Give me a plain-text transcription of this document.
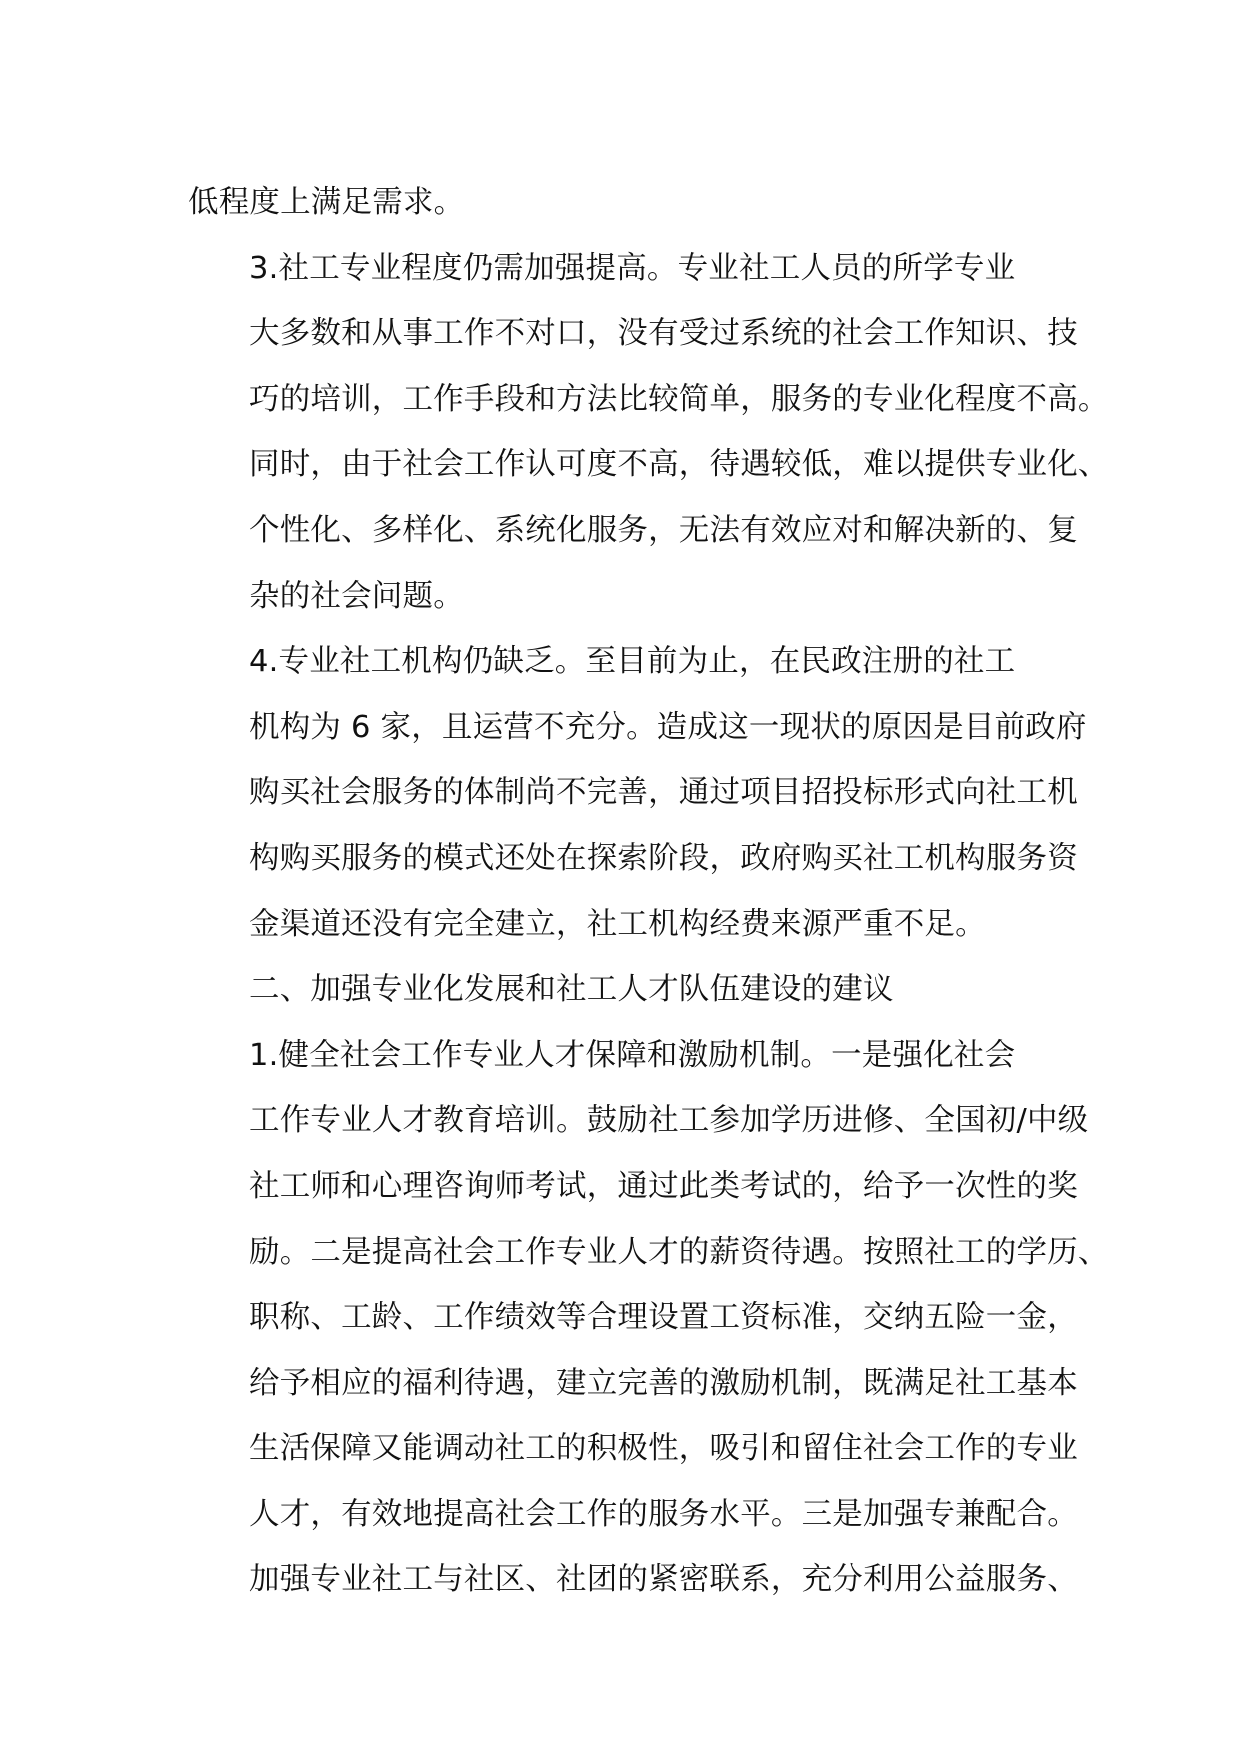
低程度上满足需求。

3.社工专业程度仍需加强提高。专业社工人员的所学专业
大多数和从事工作不对口，没有受过系统的社会工作知识、技
巧的培训，工作手段和方法比较简单，服务的专业化程度不高。
同时，由于社会工作认可度不高，待遇较低，难以提供专业化、
个性化、多样化、系统化服务，无法有效应对和解决新的、复
杂的社会问题。

4.专业社工机构仍缺乏。至目前为止，在民政注册的社工
机构为 6 家，且运营不充分。造成这一现状的原因是目前政府
购买社会服务的体制尚不完善，通过项目招投标形式向社工机
构购买服务的模式还处在探索阶段，政府购买社工机构服务资
金渠道还没有完全建立，社工机构经费来源严重不足。

二、加强专业化发展和社工人才队伍建设的建议

1.健全社会工作专业人才保障和激励机制。一是强化社会
工作专业人才教育培训。鼓励社工参加学历进修、全国初/中级
社工师和心理咨询师考试，通过此类考试的，给予一次性的奖
励。二是提高社会工作专业人才的薪资待遇。按照社工的学历、
职称、工龄、工作绩效等合理设置工资标准，交纳五险一金，
给予相应的福利待遇，建立完善的激励机制，既满足社工基本
生活保障又能调动社工的积极性，吸引和留住社会工作的专业
人才，有效地提高社会工作的服务水平。三是加强专兼配合。
加强专业社工与社区、社团的紧密联系，充分利用公益服务、
